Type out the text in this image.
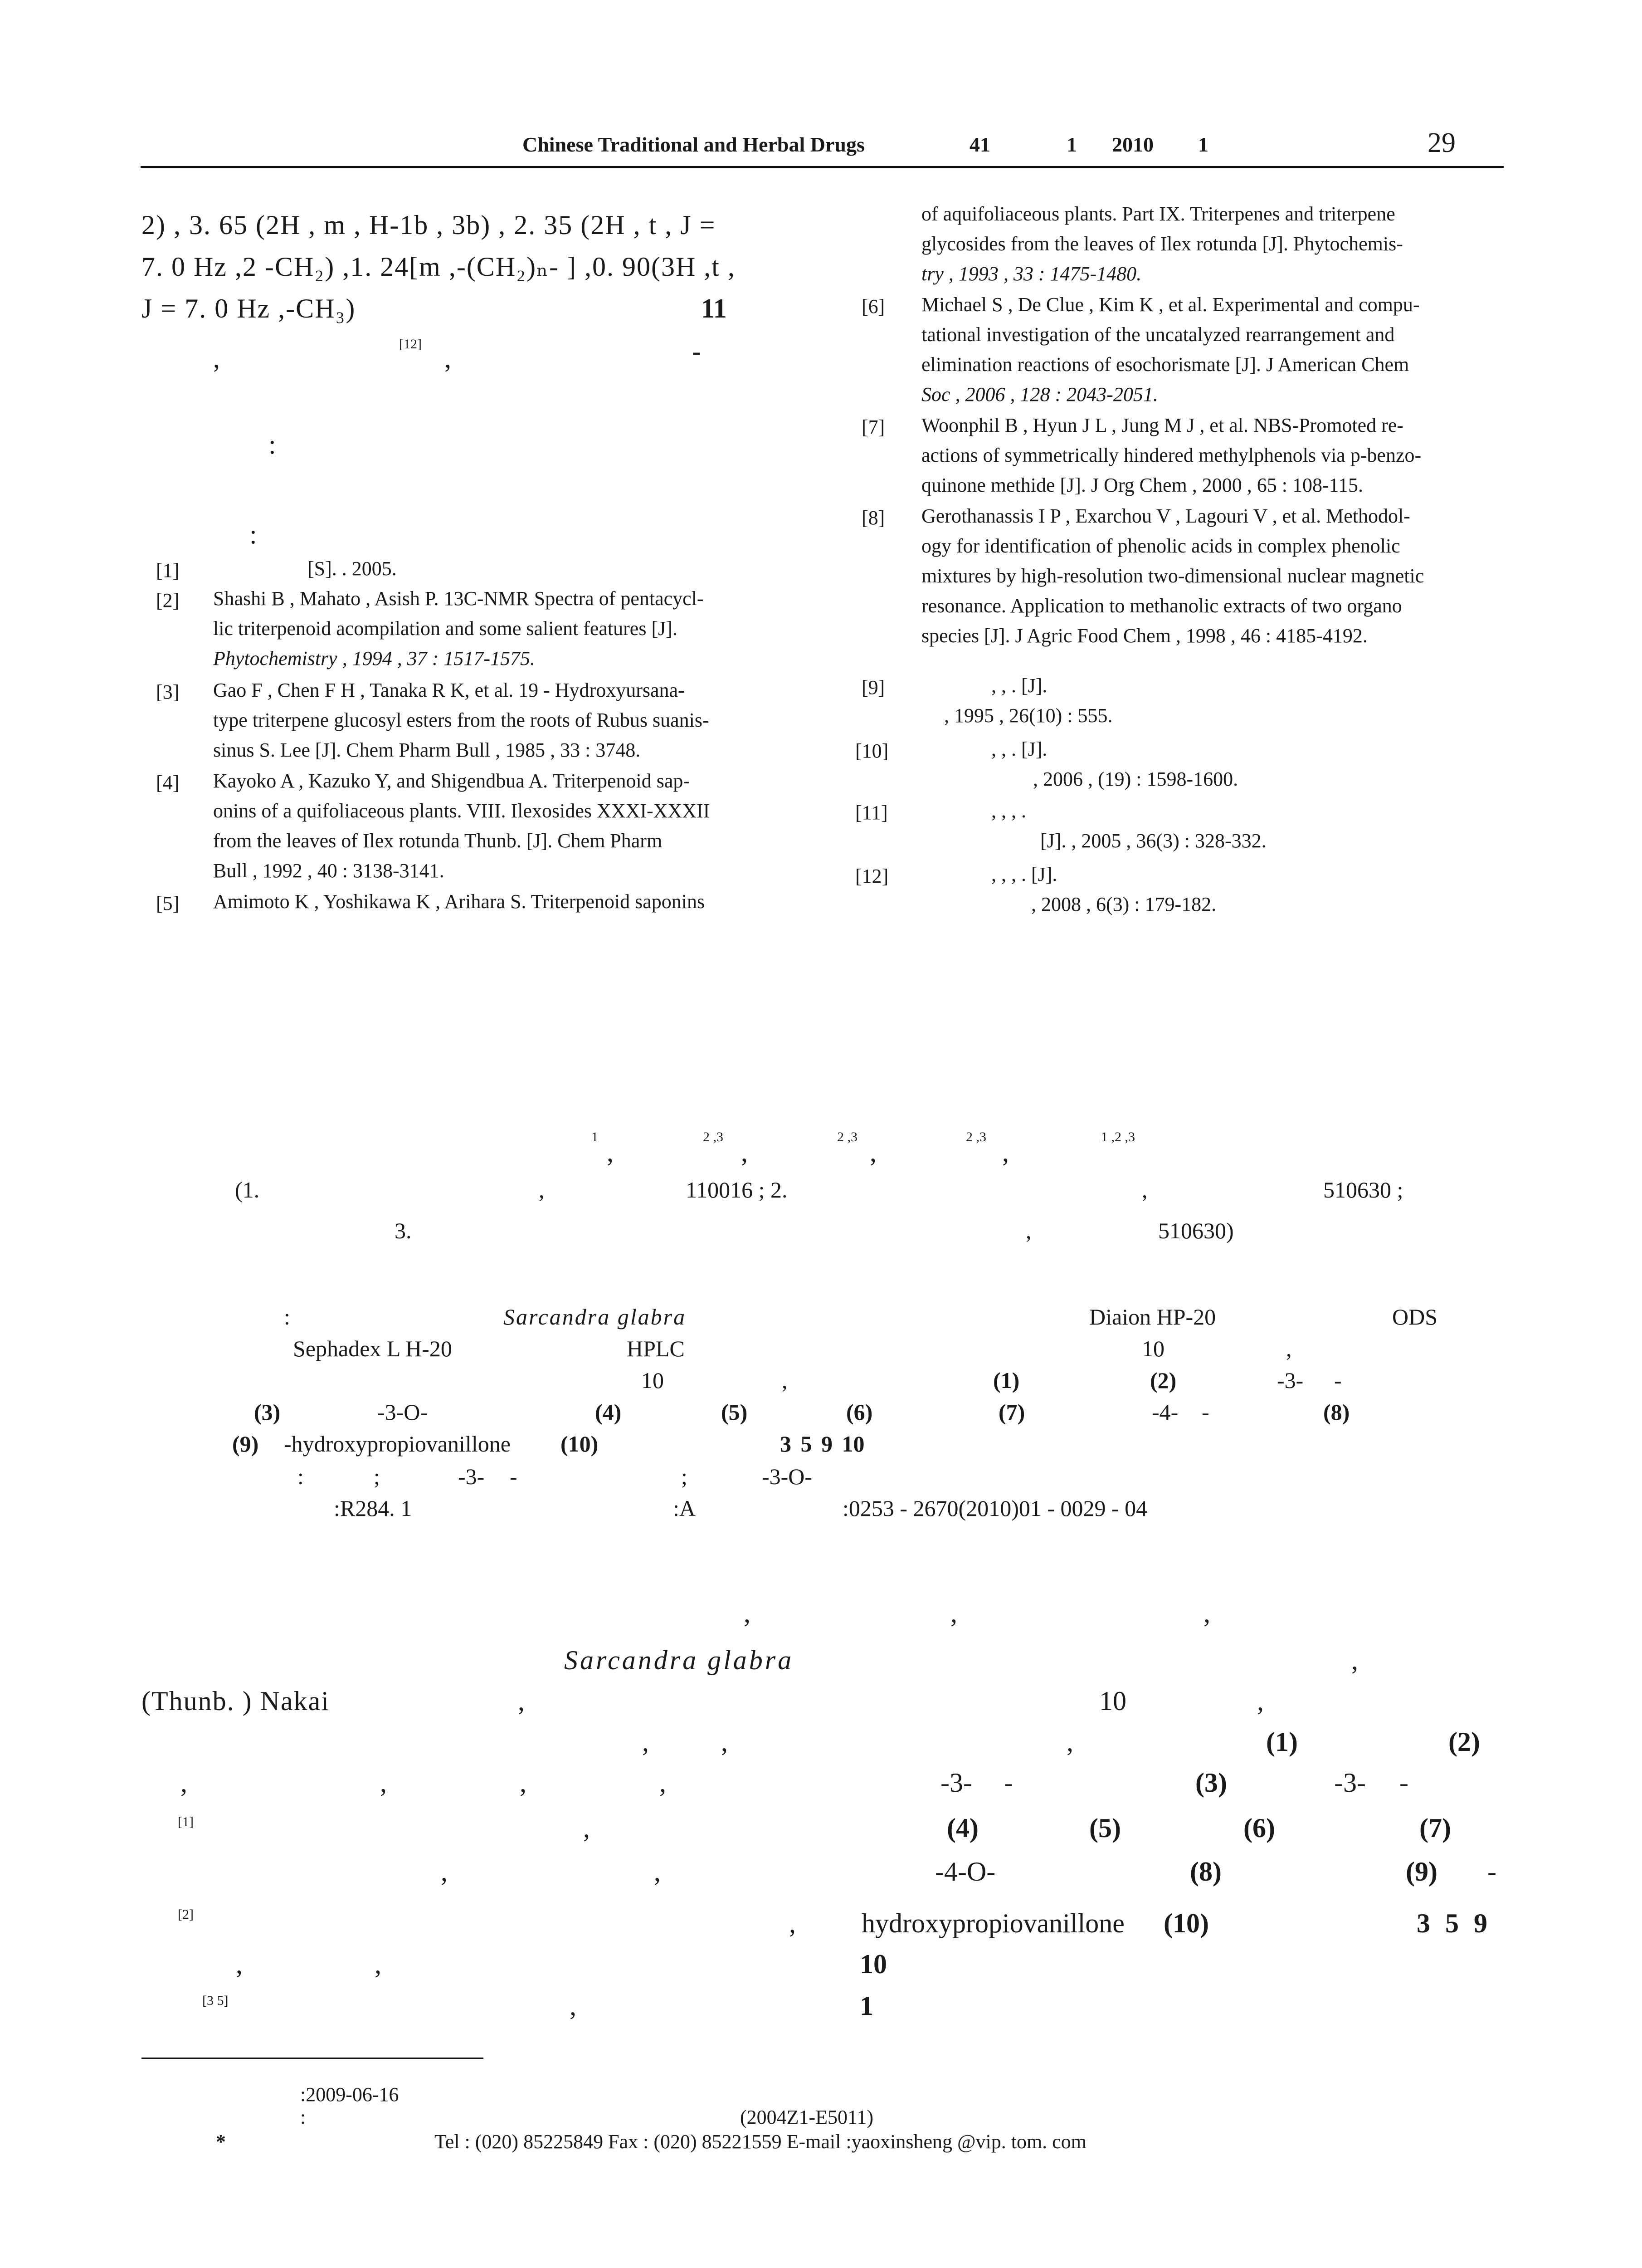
Chinese Traditional and Herbal Drugs	41	1 2010 1	29
2) , 3. 65 (2H , m , H-1b , 3b) , 2. 35 (2H , t , J =
7. 0 Hz ,2 -CH₂) ,1. 24[m ,-(CH₂)ₙ- ] ,0. 90(3H ,t ,
J = 7. 0 Hz ,-CH₃)	11
,	[12] ,	-
:
:
[1]	[S]. . 2005.
[2] Shashi B , Mahato , Asish P. 13C-NMR Spectra of pentacycl-
lic triterpenoid acompilation and some salient features [J].
Phytochemistry , 1994 , 37 : 1517-1575.
[3] Gao F , Chen F H , Tanaka R K, et al. 19 - Hydroxyursana-
type triterpene glucosyl esters from the roots of Rubus suanis-
sinus S. Lee [J]. Chem Pharm Bull , 1985 , 33 : 3748.
[4] Kayoko A , Kazuko Y, and Shigendbua A. Triterpenoid sap-
onins of a quifoliaceous plants. VIII. Ilexosides XXXI-XXXII
from the leaves of Ilex rotunda Thunb. [J]. Chem Pharm
Bull , 1992 , 40 : 3138-3141.
[5] Amimoto K , Yoshikawa K , Arihara S. Triterpenoid saponins
of aquifoliaceous plants. Part IX. Triterpenes and triterpene
glycosides from the leaves of Ilex rotunda [J]. Phytochemis-
try , 1993 , 33 : 1475-1480.
[6] Michael S , De Clue , Kim K , et al. Experimental and compu-
tational investigation of the uncatalyzed rearrangement and
elimination reactions of esochorismate [J]. J American Chem
Soc , 2006 , 128 : 2043-2051.
[7] Woonphil B , Hyun J L , Jung M J , et al. NBS-Promoted re-
actions of symmetrically hindered methylphenols via p-benzo-
quinone methide [J]. J Org Chem , 2000 , 65 : 108-115.
[8] Gerothanassis I P , Exarchou V , Lagouri V , et al. Methodol-
ogy for identification of phenolic acids in complex phenolic
mixtures by high-resolution two-dimensional nuclear magnetic
resonance. Application to methanolic extracts of two organo
species [J]. J Agric Food Chem , 1998 , 46 : 4185-4192.
[9]	, , . [J].
, 1995 , 26(10) : 555.
[10]	, , . [J].
, 2006 , (19) : 1598-1600.
[11]	, , , .
[J]. , 2005 , 36(3) : 328-332.
[12]	, , , . [J].
, 2008 , 6(3) : 179-182.
1
,
2 ,3
,
2 ,3
,
2 ,3
,
1 ,2 ,3
(1.	,	110016 ; 2.	,	510630 ;
3.	,	510630)
:	Sarcandra glabra	Diaion HP-20	ODS
Sephadex L H-20	HPLC	10	,
10	,	(1)	(2)	-3- -
(3)	-3-O-	(4)	(5)	(6)	(7)	-4- -	(8)
(9) -hydroxypropiovanillone (10)	3 5 9 10
:	;	-3- -	;	-3-O-
:R284. 1	:A	:0253 - 2670(2010)01 - 0029 - 04
,	,	,
Sarcandra glabra	,
(Thunb. ) Nakai	,	10	,
,	,	,	(1)	(2)
,	,	,	,	-3- -	(3)	-3- -
[1]	,	(4)	(5)	(6)	(7)
,	,	-4-O-	(8)	(9) -
[2]	, hydroxypropiovanillone (10)	3 5 9
,	,	10
[3 5]	,	1
:2009-06-16
:	(2004Z1-E5011)
*	Tel : (020) 85225849 Fax : (020) 85221559 E-mail :yaoxinsheng @vip. tom. com
